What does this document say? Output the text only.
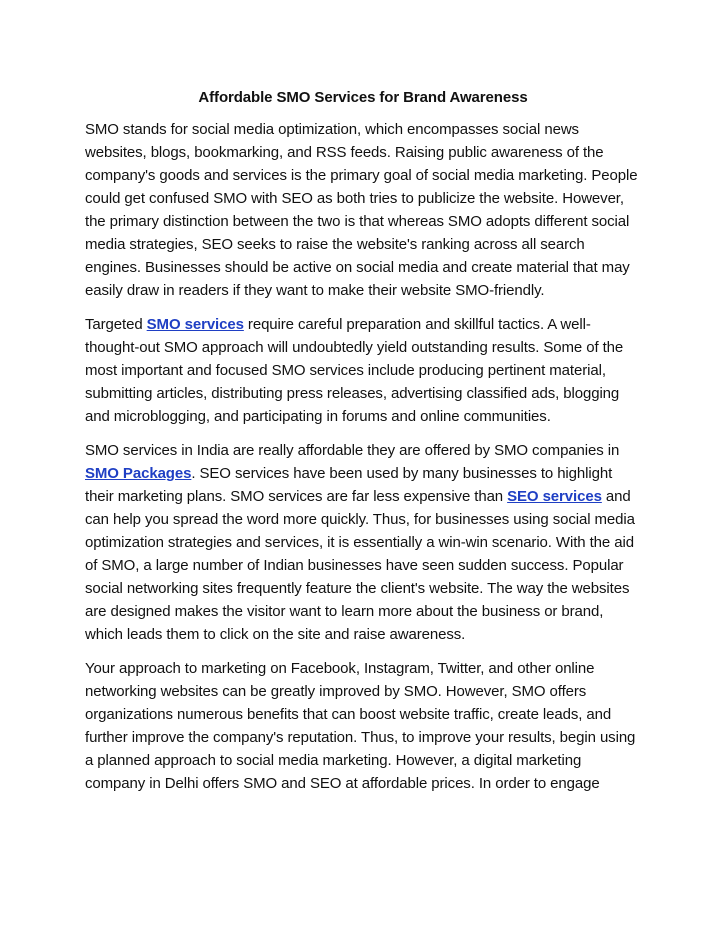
Affordable SMO Services for Brand Awareness

SMO stands for social media optimization, which encompasses social news websites, blogs, bookmarking, and RSS feeds. Raising public awareness of the company's goods and services is the primary goal of social media marketing. People could get confused SMO with SEO as both tries to publicize the website. However, the primary distinction between the two is that whereas SMO adopts different social media strategies, SEO seeks to raise the website's ranking across all search engines. Businesses should be active on social media and create material that may easily draw in readers if they want to make their website SMO-friendly.

Targeted SMO services require careful preparation and skillful tactics. A well-thought-out SMO approach will undoubtedly yield outstanding results. Some of the most important and focused SMO services include producing pertinent material, submitting articles, distributing press releases, advertising classified ads, blogging and microblogging, and participating in forums and online communities.

SMO services in India are really affordable they are offered by SMO companies in SMO Packages. SEO services have been used by many businesses to highlight their marketing plans. SMO services are far less expensive than SEO services and can help you spread the word more quickly. Thus, for businesses using social media optimization strategies and services, it is essentially a win-win scenario. With the aid of SMO, a large number of Indian businesses have seen sudden success. Popular social networking sites frequently feature the client's website. The way the websites are designed makes the visitor want to learn more about the business or brand, which leads them to click on the site and raise awareness.

Your approach to marketing on Facebook, Instagram, Twitter, and other online networking websites can be greatly improved by SMO. However, SMO offers organizations numerous benefits that can boost website traffic, create leads, and further improve the company's reputation. Thus, to improve your results, begin using a planned approach to social media marketing. However, a digital marketing company in Delhi offers SMO and SEO at affordable prices. In order to engage
